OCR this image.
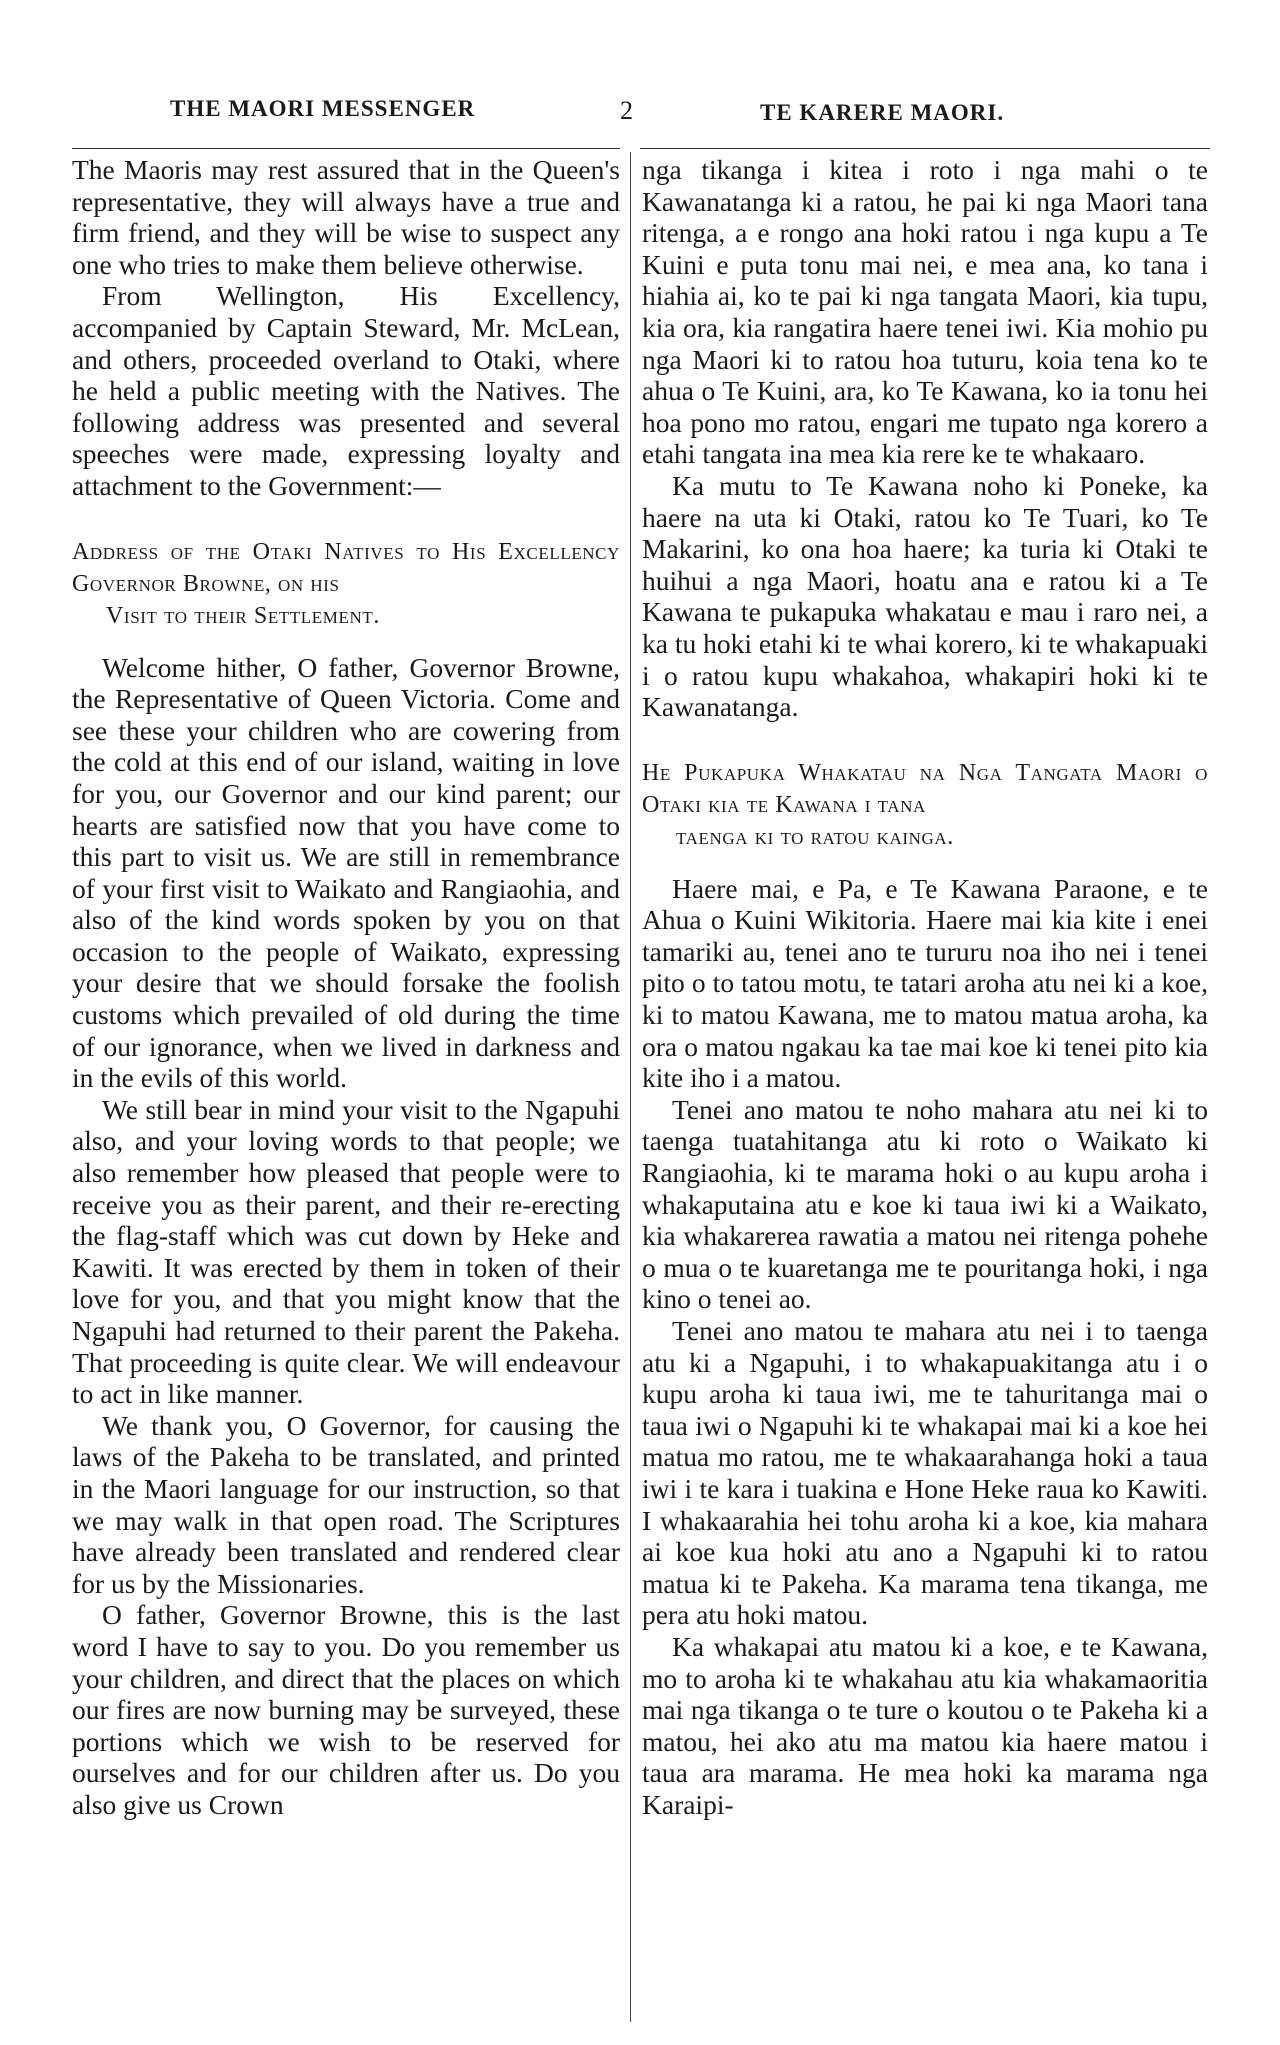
THE MAORI MESSENGER	2	TE KARERE MAORI.

The Maoris may rest assured that in the Queen's representative, they will always have a true and firm friend, and they will be wise to suspect any one who tries to make them believe otherwise.

From Wellington, His Excellency, accompanied by Captain Steward, Mr. McLean, and others, proceeded overland to Otaki, where he held a public meeting with the Natives. The following address was presented and several speeches were made, expressing loyalty and attachment to the Government:—

Address of the Otaki Natives to His Excellency Governor Browne, on his
Visit to their Settlement.

Welcome hither, O father, Governor Browne, the Representative of Queen Victoria. Come and see these your children who are cowering from the cold at this end of our island, waiting in love for you, our Governor and our kind parent; our hearts are satisfied now that you have come to this part to visit us. We are still in remembrance of your first visit to Waikato and Rangiaohia, and also of the kind words spoken by you on that occasion to the people of Waikato, expressing your desire that we should forsake the foolish customs which prevailed of old during the time of our ignorance, when we lived in darkness and in the evils of this world.

We still bear in mind your visit to the Ngapuhi also, and your loving words to that people; we also remember how pleased that people were to receive you as their parent, and their re-erecting the flag-staff which was cut down by Heke and Kawiti. It was erected by them in token of their love for you, and that you might know that the Ngapuhi had returned to their parent the Pakeha. That proceeding is quite clear. We will endeavour to act in like manner.

We thank you, O Governor, for causing the laws of the Pakeha to be translated, and printed in the Maori language for our instruction, so that we may walk in that open road. The Scriptures have already been translated and rendered clear for us by the Missionaries.

O father, Governor Browne, this is the last word I have to say to you. Do you remember us your children, and direct that the places on which our fires are now burning may be surveyed, these portions which we wish to be reserved for ourselves and for our children after us. Do you also give us Crown

nga tikanga i kitea i roto i nga mahi o te Kawanatanga ki a ratou, he pai ki nga Maori tana ritenga, a e rongo ana hoki ratou i nga kupu a Te Kuini e puta tonu mai nei, e mea ana, ko tana i hiahia ai, ko te pai ki nga tangata Maori, kia tupu, kia ora, kia rangatira haere tenei iwi. Kia mohio pu nga Maori ki to ratou hoa tuturu, koia tena ko te ahua o Te Kuini, ara, ko Te Kawana, ko ia tonu hei hoa pono mo ratou, engari me tupato nga korero a etahi tangata ina mea kia rere ke te whakaaro.

Ka mutu to Te Kawana noho ki Poneke, ka haere na uta ki Otaki, ratou ko Te Tuari, ko Te Makarini, ko ona hoa haere; ka turia ki Otaki te huihui a nga Maori, hoatu ana e ratou ki a Te Kawana te pukapuka whakatau e mau i raro nei, a ka tu hoki etahi ki te whai korero, ki te whakapuaki i o ratou kupu whakahoa, whakapiri hoki ki te Kawanatanga.

He Pukapuka Whakatau na Nga Tangata Maori o Otaki kia te Kawana i tana
taenga ki to ratou kainga.

Haere mai, e Pa, e Te Kawana Paraone, e te Ahua o Kuini Wikitoria. Haere mai kia kite i enei tamariki au, tenei ano te tururu noa iho nei i tenei pito o to tatou motu, te tatari aroha atu nei ki a koe, ki to matou Kawana, me to matou matua aroha, ka ora o matou ngakau ka tae mai koe ki tenei pito kia kite iho i a matou.

Tenei ano matou te noho mahara atu nei ki to taenga tuatahitanga atu ki roto o Waikato ki Rangiaohia, ki te marama hoki o au kupu aroha i whakaputaina atu e koe ki taua iwi ki a Waikato, kia whakarerea rawatia a matou nei ritenga pohehe o mua o te kuaretanga me te pouritanga hoki, i nga kino o tenei ao.

Tenei ano matou te mahara atu nei i to taenga atu ki a Ngapuhi, i to whakapuakitanga atu i o kupu aroha ki taua iwi, me te tahuritanga mai o taua iwi o Ngapuhi ki te whakapai mai ki a koe hei matua mo ratou, me te whakaarahanga hoki a taua iwi i te kara i tuakina e Hone Heke raua ko Kawiti. I whakaarahia hei tohu aroha ki a koe, kia mahara ai koe kua hoki atu ano a Ngapuhi ki to ratou matua ki te Pakeha. Ka marama tena tikanga, me pera atu hoki matou.

Ka whakapai atu matou ki a koe, e te Kawana, mo to aroha ki te whakahau atu kia whakamaoritia mai nga tikanga o te ture o koutou o te Pakeha ki a matou, hei ako atu ma matou kia haere matou i taua ara marama. He mea hoki ka marama nga Karaipi-
